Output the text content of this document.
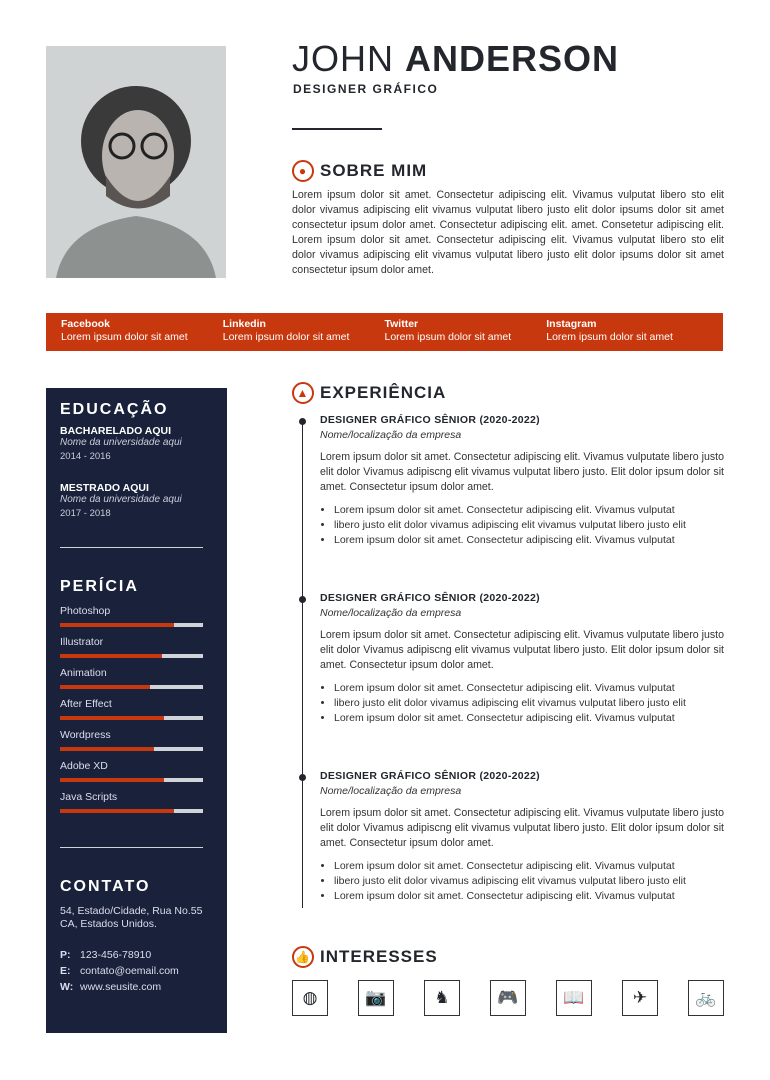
JOHN ANDERSON
DESIGNER GRÁFICO
● SOBRE MIM
Lorem ipsum dolor sit amet. Consectetur adipiscing elit. Vivamus vulputat libero sto elit dolor vivamus adipiscing elit vivamus vulputat libero justo elit dolor ipsums dolor sit amet consectetur ipsum dolor amet. Consectetur adipiscing elit. amet. Consetetur adipiscing elit. Lorem ipsum dolor sit amet. Consectetur adipiscing elit. Vivamus vulputat libero sto elit dolor vivamus adipiscing elit vivamus vulputat libero justo elit dolor ipsums dolor sit amet consectetur ipsum dolor amet.
Facebook
Lorem ipsum dolor sit amet
Linkedin
Lorem ipsum dolor sit amet
Twitter
Lorem ipsum dolor sit amet
Instagram
Lorem ipsum dolor sit amet
EDUCAÇÃO
BACHARELADO AQUI
Nome da universidade aqui
2014 - 2016
MESTRADO AQUI
Nome da universidade aqui
2017 - 2018
PERÍCIA
Photoshop
Illustrator
Animation
After Effect
Wordpress
Adobe XD
Java Scripts
CONTATO
54, Estado/Cidade, Rua No.55
CA, Estados Unidos.
P: 123-456-78910
E: contato@oemail.com
W: www.seusite.com
▲ EXPERIÊNCIA
DESIGNER GRÁFICO SÊNIOR (2020-2022)
Nome/localização da empresa
Lorem ipsum dolor sit amet. Consectetur adipiscing elit. Vivamus vulputate libero justo elit dolor Vivamus adipiscng elit vivamus vulputat libero justo. Elit dolor ipsum dolor sit amet. Consectetur ipsum dolor amet.
• Lorem ipsum dolor sit amet. Consectetur adipiscing elit. Vivamus vulputat
• libero justo elit dolor vivamus adipiscing elit vivamus vulputat libero justo elit
• Lorem ipsum dolor sit amet. Consectetur adipiscing elit. Vivamus vulputat
DESIGNER GRÁFICO SÊNIOR (2020-2022)
Nome/localização da empresa
Lorem ipsum dolor sit amet. Consectetur adipiscing elit. Vivamus vulputate libero justo elit dolor Vivamus adipiscng elit vivamus vulputat libero justo. Elit dolor ipsum dolor sit amet. Consectetur ipsum dolor amet.
• Lorem ipsum dolor sit amet. Consectetur adipiscing elit. Vivamus vulputat
• libero justo elit dolor vivamus adipiscing elit vivamus vulputat libero justo elit
• Lorem ipsum dolor sit amet. Consectetur adipiscing elit. Vivamus vulputat
DESIGNER GRÁFICO SÊNIOR (2020-2022)
Nome/localização da empresa
Lorem ipsum dolor sit amet. Consectetur adipiscing elit. Vivamus vulputate libero justo elit dolor Vivamus adipiscng elit vivamus vulputat libero justo. Elit dolor ipsum dolor sit amet. Consectetur ipsum dolor amet.
• Lorem ipsum dolor sit amet. Consectetur adipiscing elit. Vivamus vulputat
• libero justo elit dolor vivamus adipiscing elit vivamus vulputat libero justo elit
• Lorem ipsum dolor sit amet. Consectetur adipiscing elit. Vivamus vulputat
👍 INTERESSES
◍	📷	♞	🎮	📖	✈	🚲
